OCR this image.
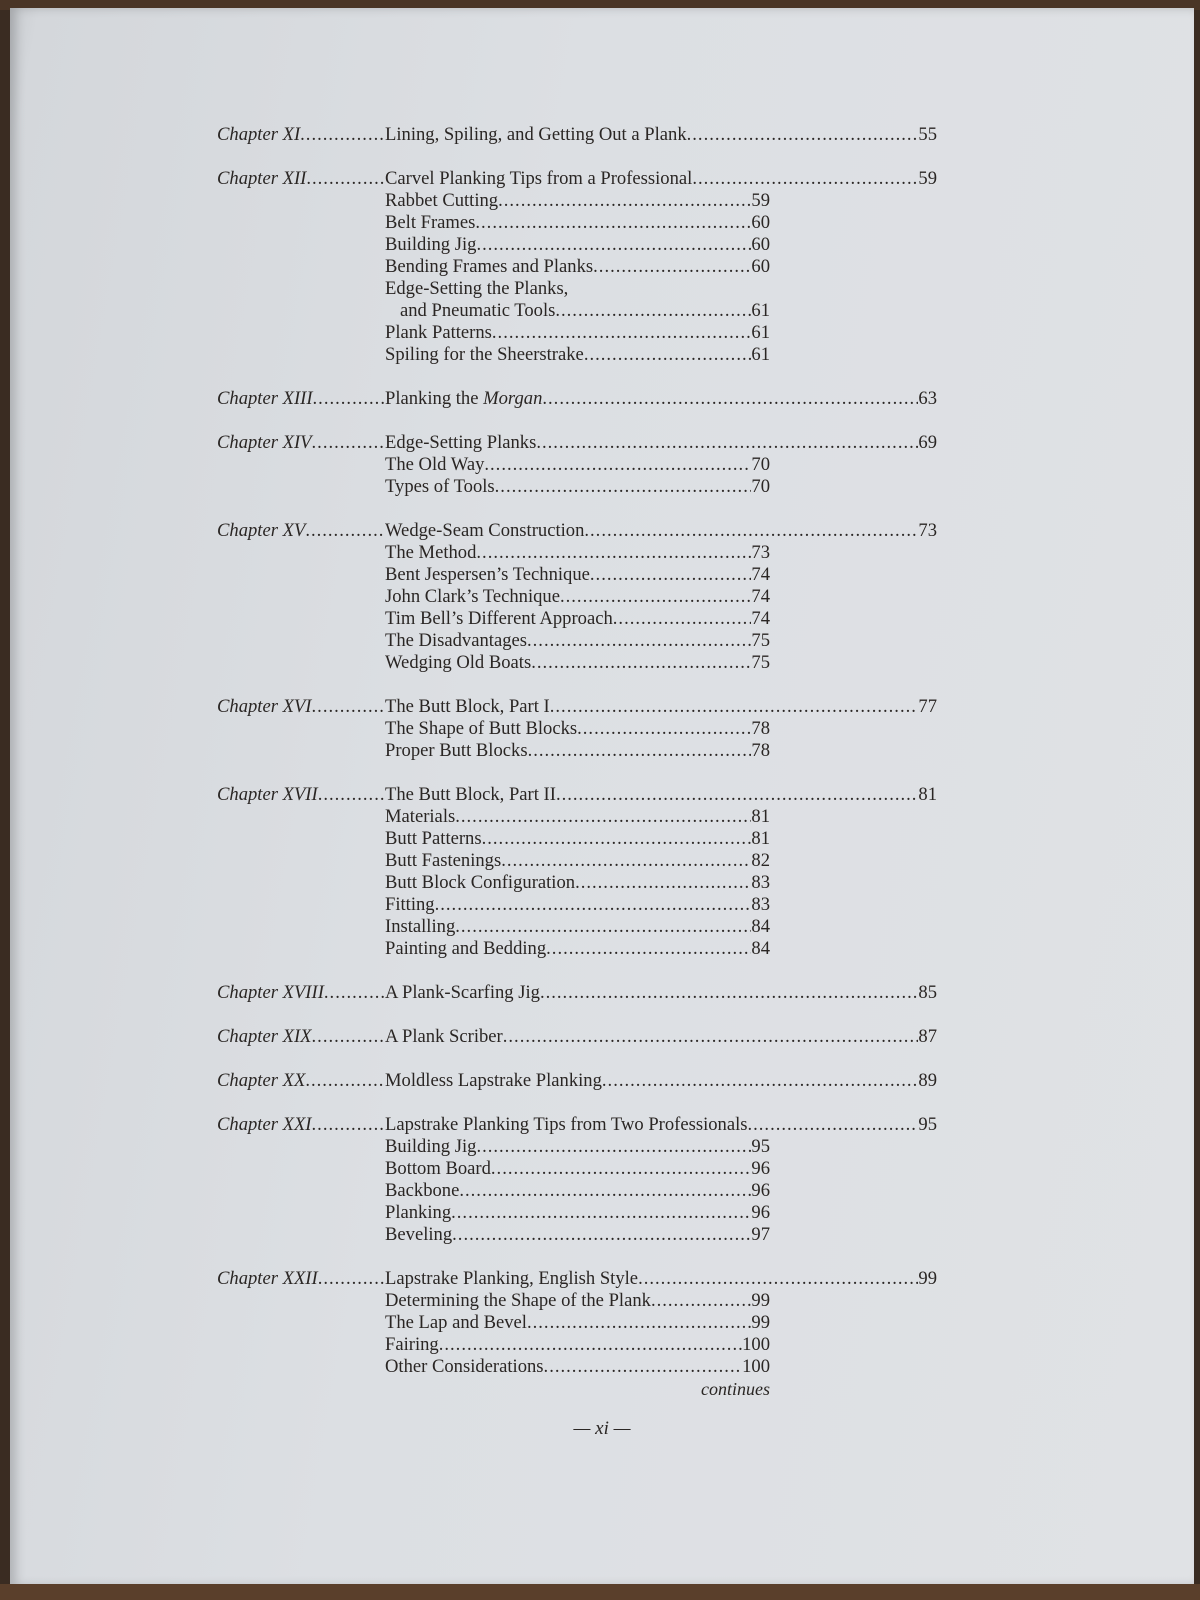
Chapter XI .....	Lining, Spiling, and Getting Out a Plank .....	55
Chapter XII .....	Carvel Planking Tips from a Professional .....	59
Rabbet Cutting .....	59
Belt Frames .....	60
Building Jig .....	60
Bending Frames and Planks .....	60
Edge-Setting the Planks,
and Pneumatic Tools .....	61
Plank Patterns .....	61
Spiling for the Sheerstrake .....	61
Chapter XIII .....	Planking the Morgan .....	63
Chapter XIV .....	Edge-Setting Planks .....	69
The Old Way .....	70
Types of Tools .....	70
Chapter XV .....	Wedge-Seam Construction .....	73
The Method .....	73
Bent Jespersen’s Technique .....	74
John Clark’s Technique .....	74
Tim Bell’s Different Approach .....	74
The Disadvantages .....	75
Wedging Old Boats .....	75
Chapter XVI .....	The Butt Block, Part I .....	77
The Shape of Butt Blocks .....	78
Proper Butt Blocks .....	78
Chapter XVII .....	The Butt Block, Part II .....	81
Materials .....	81
Butt Patterns .....	81
Butt Fastenings .....	82
Butt Block Configuration .....	83
Fitting .....	83
Installing .....	84
Painting and Bedding .....	84
Chapter XVIII .....	A Plank-Scarfing Jig .....	85
Chapter XIX .....	A Plank Scriber .....	87
Chapter XX .....	Moldless Lapstrake Planking .....	89
Chapter XXI .....	Lapstrake Planking Tips from Two Professionals .....	95
Building Jig .....	95
Bottom Board .....	96
Backbone .....	96
Planking .....	96
Beveling .....	97
Chapter XXII .....	Lapstrake Planking, English Style .....	99
Determining the Shape of the Plank .....	99
The Lap and Bevel .....	99
Fairing .....	100
Other Considerations .....	100
continues
— xi —
